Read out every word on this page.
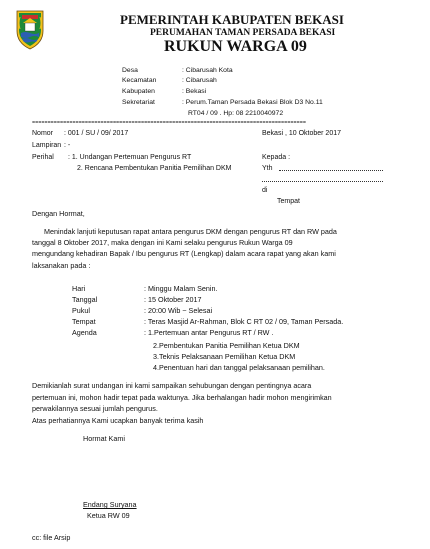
PEMERINTAH KABUPATEN BEKASI
PERUMAHAN TAMAN PERSADA BEKASI
RUKUN WARGA 09
Desa	: Cibarusah Kota
Kecamatan	: Cibarusah
Kabupaten	: Bekasi
Sekretariat	: Perum.Taman Persada Bekasi Blok D3 No.11
RT04 / 09 . Hp: 08 2210040972
========================================================================================
Nomor : 001 / SU / 09/ 2017	Bekasi , 10 Oktober 2017
Lampiran : -
Perihal : 1. Undangan Pertemuan Pengurus RT
2. Rencana Pembentukan Panitia Pemilihan DKM
Kepada :
Yth
di
Tempat
Dengan Hormat,
Menindak lanjuti keputusan rapat antara pengurus DKM dengan pengurus RT dan RW pada
tanggal 8 Oktober 2017, maka dengan ini Kami selaku pengurus Rukun Warga 09
mengundang kehadiran Bapak / Ibu pengurus RT (Lengkap) dalam acara rapat yang akan kami
laksanakan pada :
Hari	: Minggu Malam Senin.
Tanggal	: 15 Oktober 2017
Pukul	: 20:00 Wib ~ Selesai
Tempat	: Teras Masjid Ar-Rahman, Blok C RT 02 / 09, Taman Persada.
Agenda	: 1.Pertemuan antar Pengurus RT / RW .
2.Pembentukan Panitia Pemilihan Ketua DKM
3.Teknis Pelaksanaan Pemilihan Ketua DKM
4.Penentuan hari dan tanggal pelaksanaan pemilihan.
Demikianlah surat undangan ini kami sampaikan sehubungan dengan pentingnya acara
pertemuan ini, mohon hadir tepat pada waktunya. Jika berhalangan hadir mohon mengirimkan
perwakilannya sesuai jumlah pengurus.
Atas perhatiannya Kami ucapkan banyak terima kasih
Hormat Kami
Endang Suryana
Ketua RW 09
cc: file Arsip
